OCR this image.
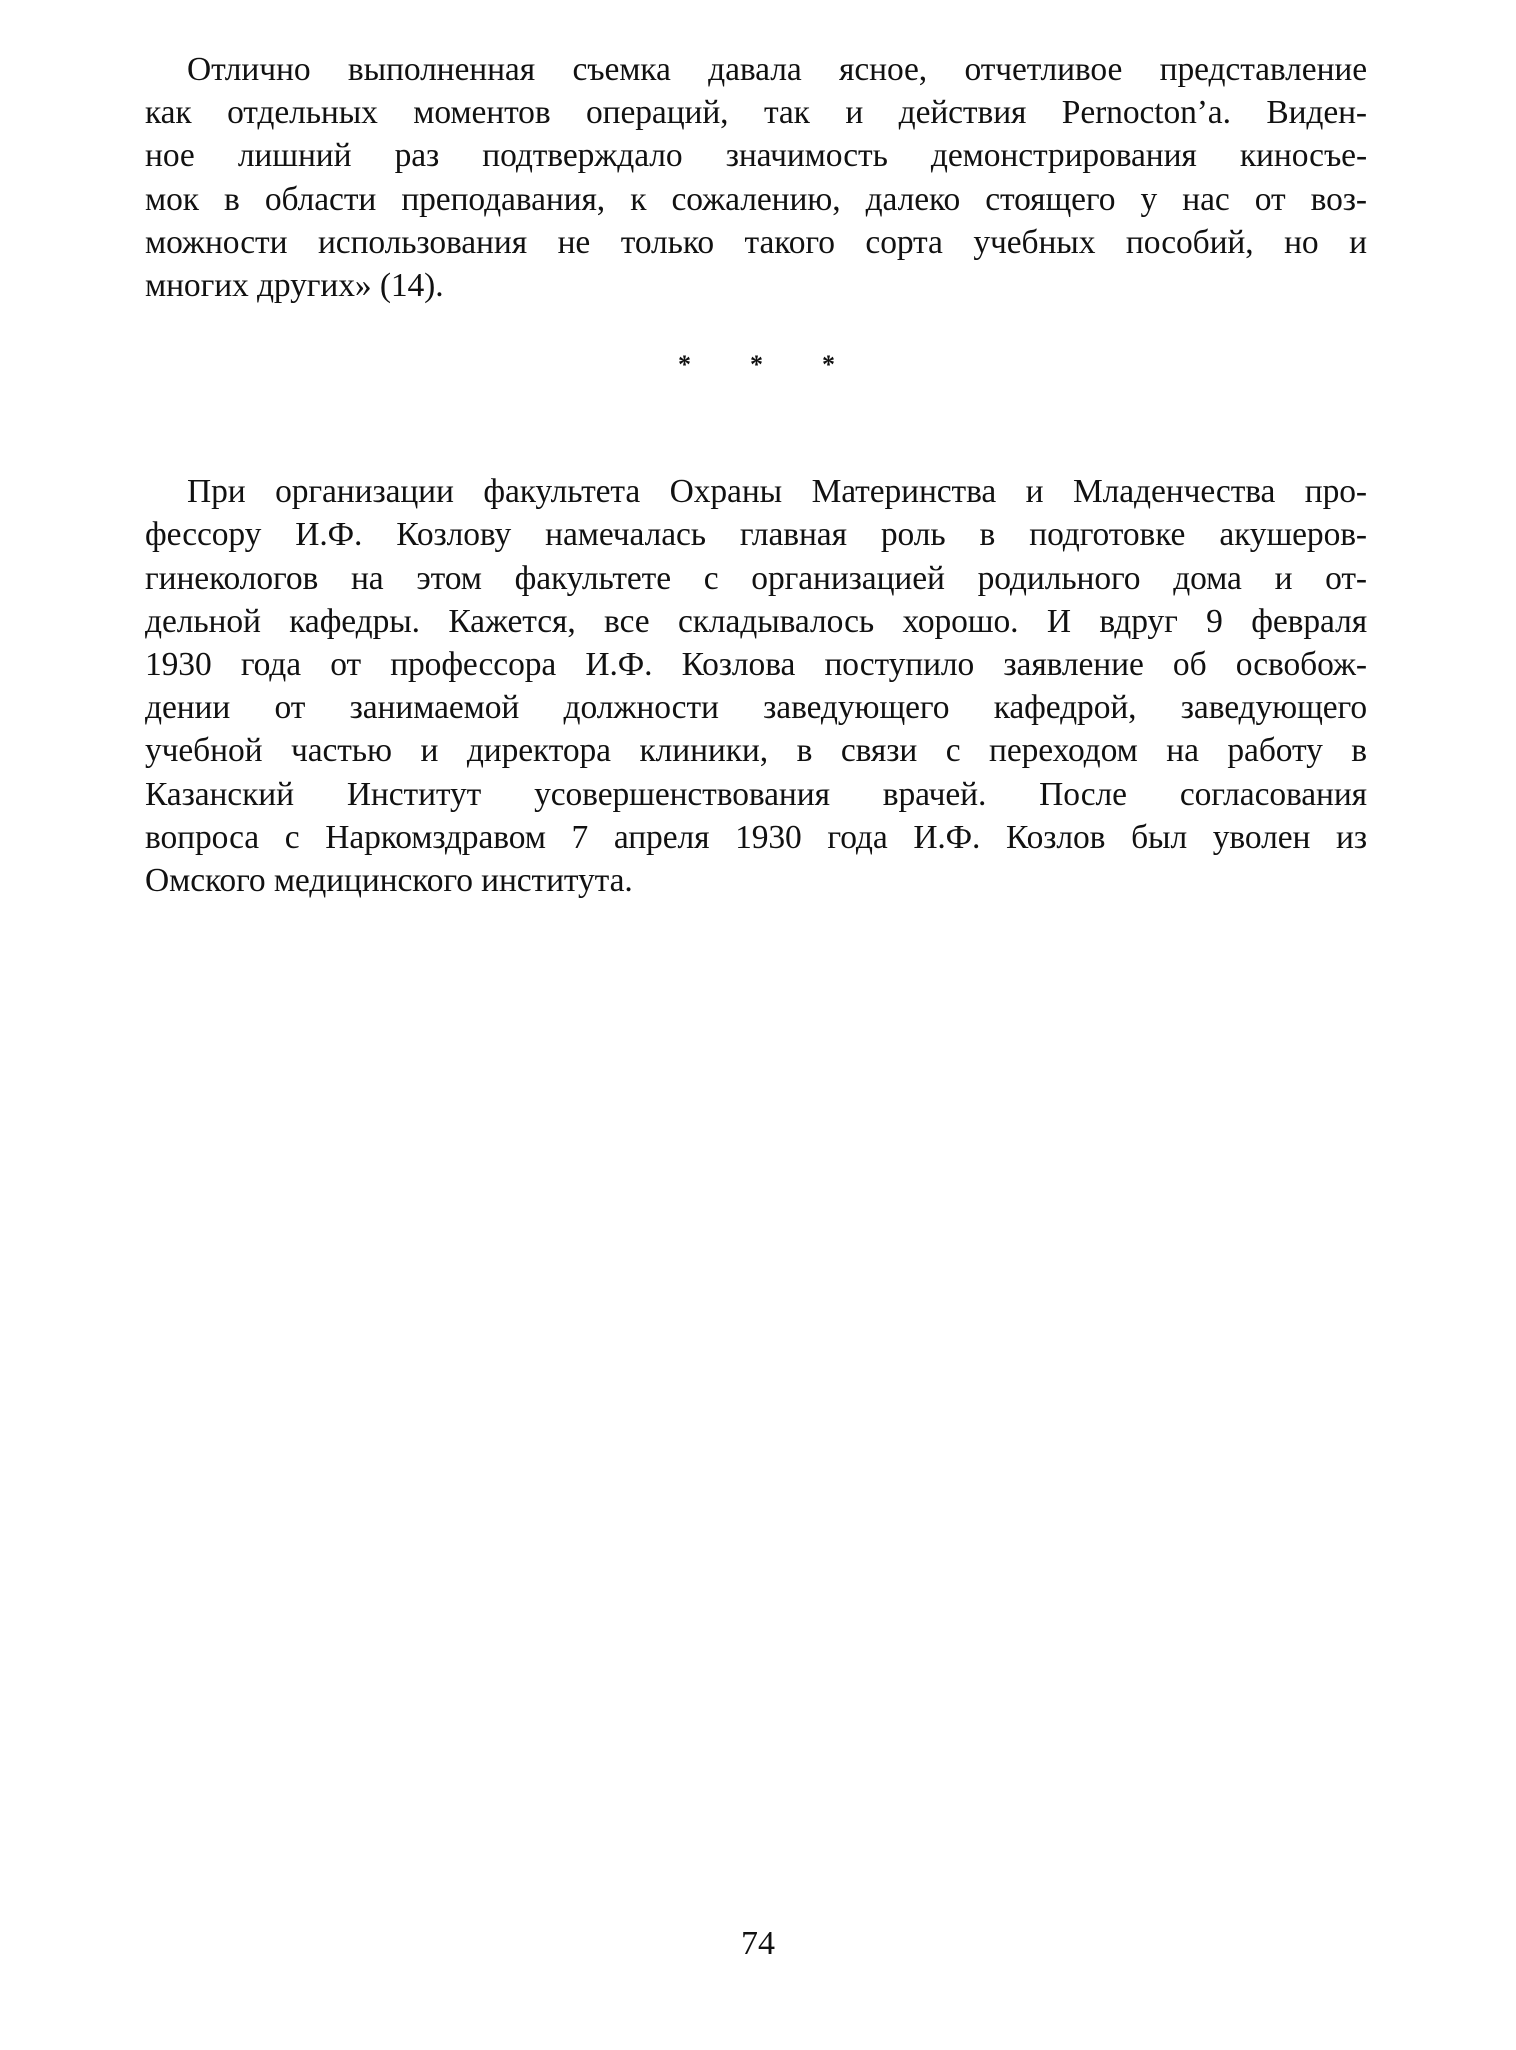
Отлично выполненная съемка давала ясное, отчетливое представление
как отдельных моментов операций, так и действия Pernocton’a. Виден-
ное лишний раз подтверждало значимость демонстрирования киносъе-
мок в области преподавания, к сожалению, далеко стоящего у нас от воз-
можности использования не только такого сорта учебных пособий, но и
многих других» (14).

* * *

При организации факультета Охраны Материнства и Младенчества про-
фессору И.Ф. Козлову намечалась главная роль в подготовке акушеров-
гинекологов на этом факультете с организацией родильного дома и от-
дельной кафедры. Кажется, все складывалось хорошо. И вдруг 9 февраля
1930 года от профессора И.Ф. Козлова поступило заявление об освобож-
дении от занимаемой должности заведующего кафедрой, заведующего
учебной частью и директора клиники, в связи с переходом на работу в
Казанский Институт усовершенствования врачей. После согласования
вопроса с Наркомздравом 7 апреля 1930 года И.Ф. Козлов был уволен из
Омского медицинского института.

74
